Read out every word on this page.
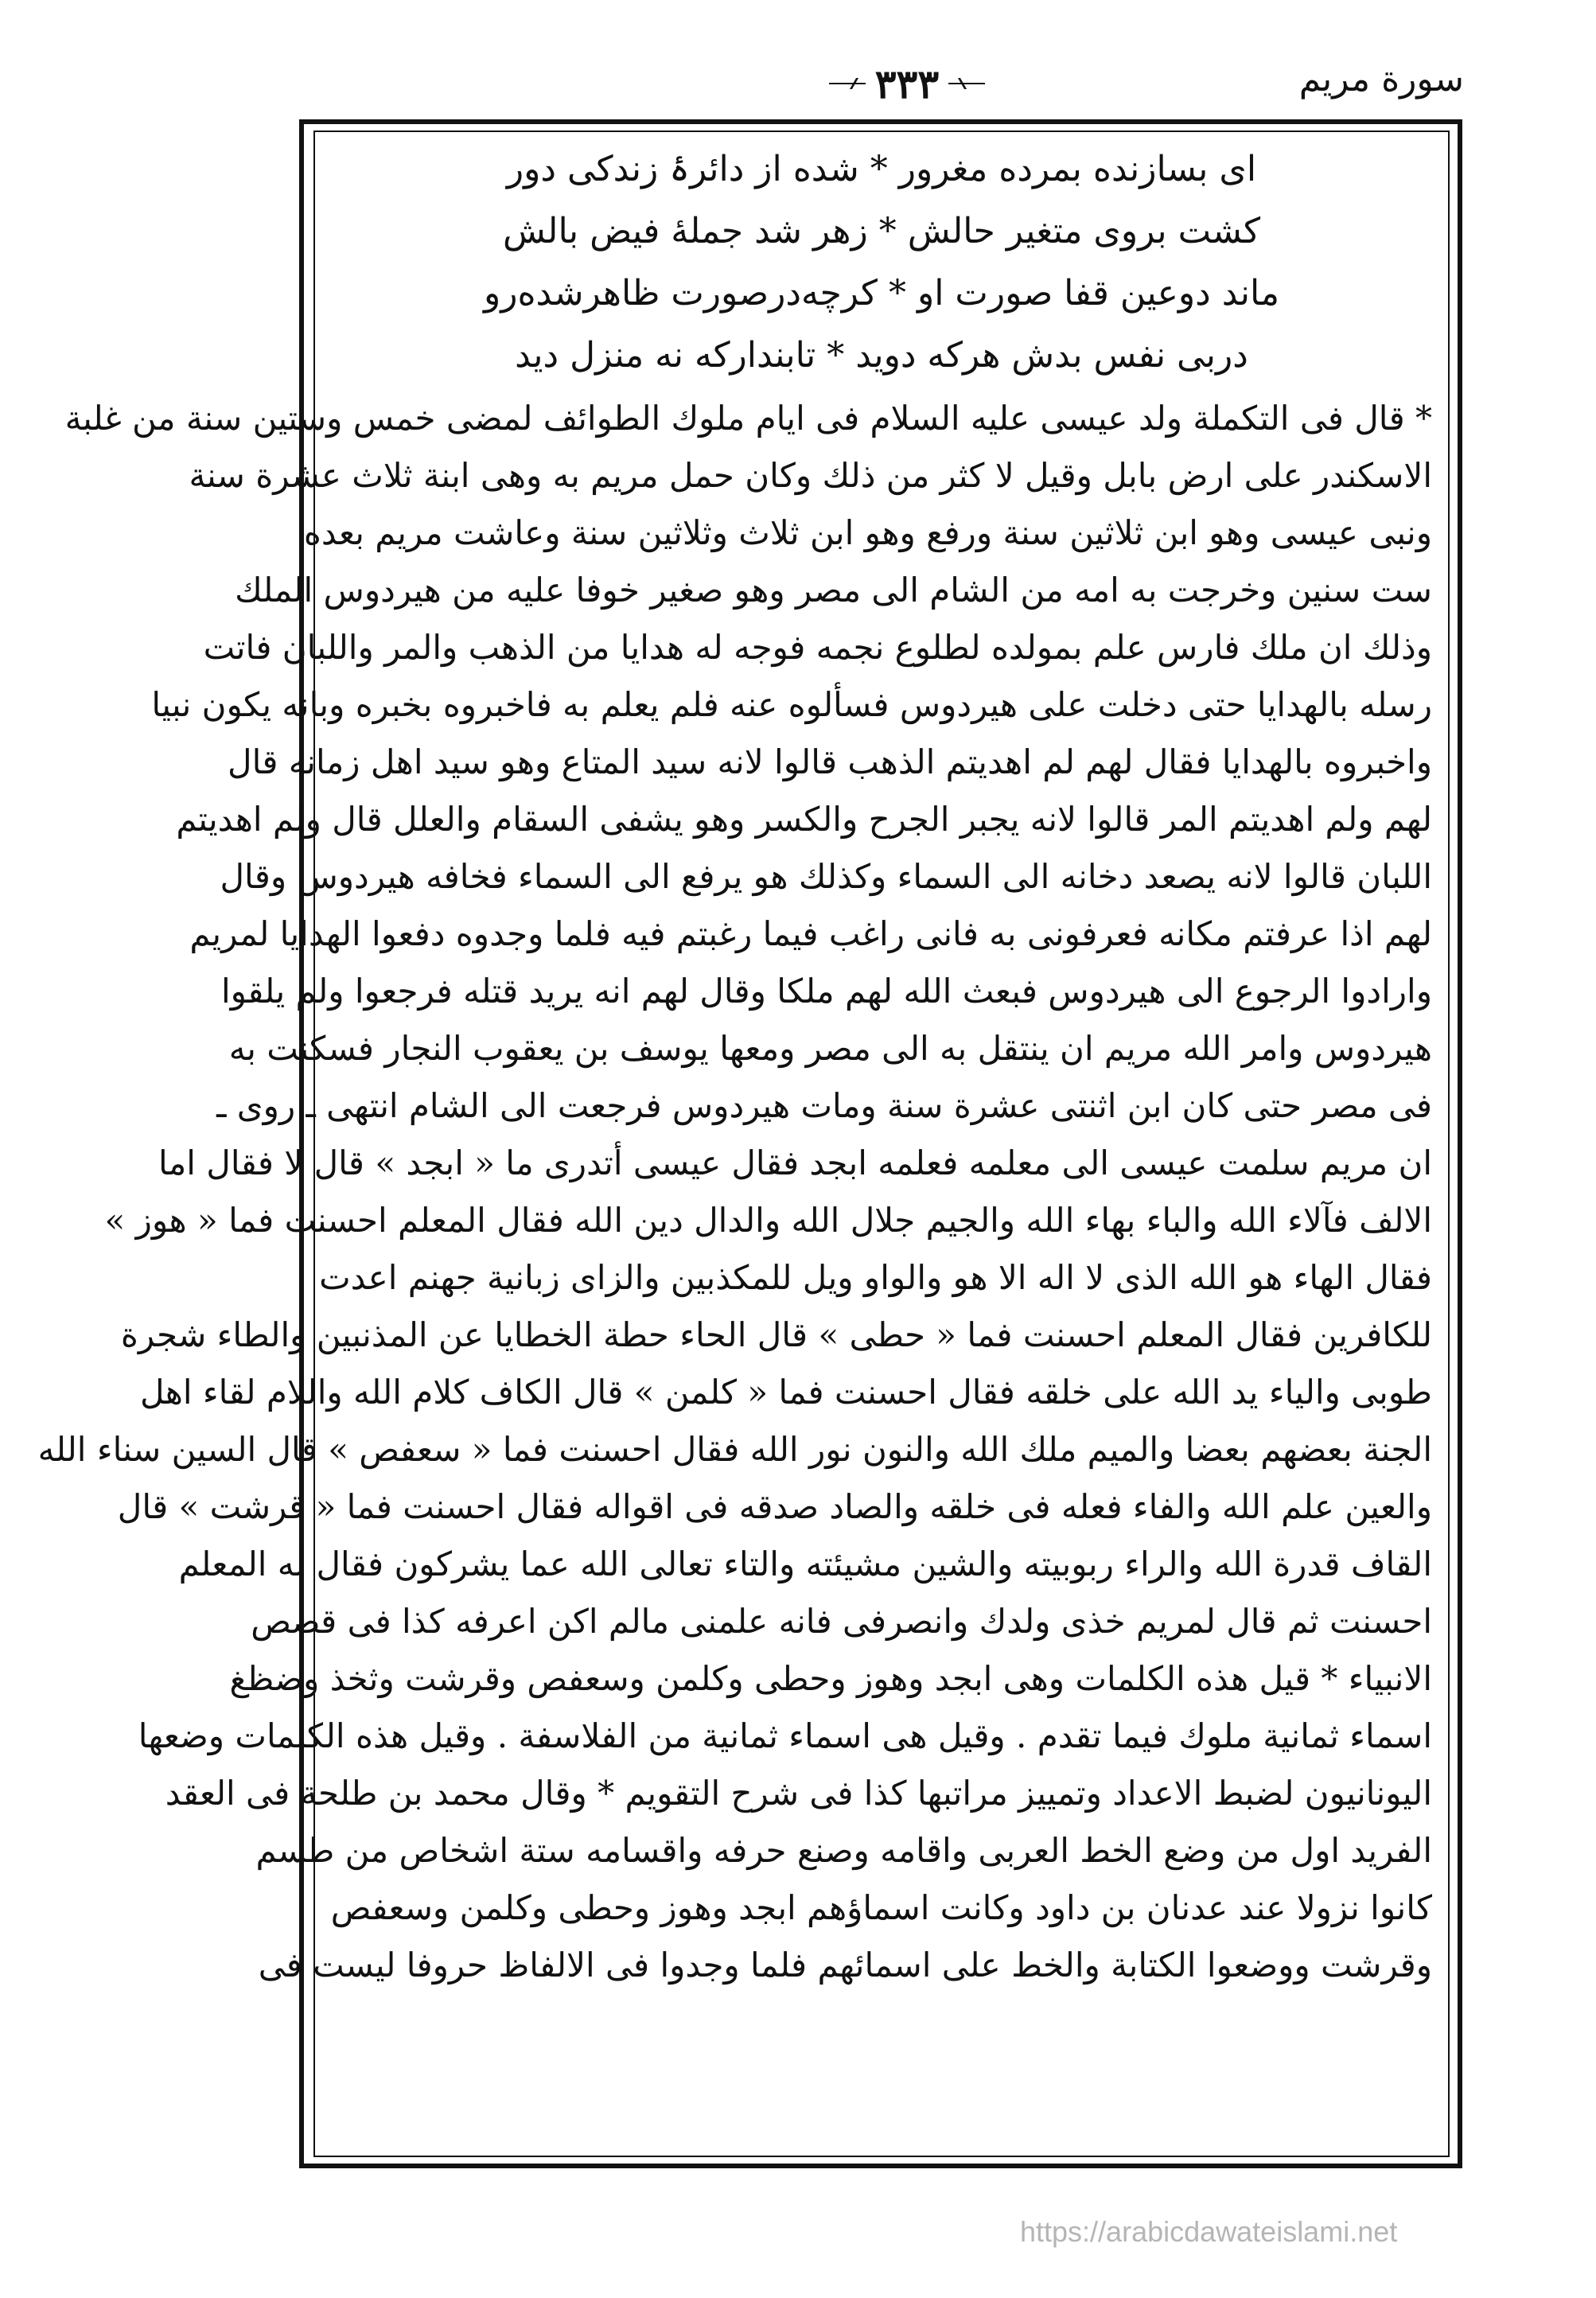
٣٣٣	سورة مريم
اى بسازنده بمرده مغرور * شده از دائرۂ زندکی دور
كشت بروى متغير حالش * زهر شد جملهٔ فيض بالش
ماند دوعين قفا صورت او * كرچه‌درصورت ظاهرشده‌رو
دربى نفس بدش هركه دويد * تابندارکه نه منزل ديد
* قال فى التكملة ولد عيسى عليه السلام فى ايام ملوك الطوائف لمضى خمس وستين سنة من غلبة
الاسكندر على ارض بابل وقيل لا كثر من ذلك وكان حمل مريم به وهى ابنة ثلاث عشرة سنة
ونبى عيسى وهو ابن ثلاثين سنة ورفع وهو ابن ثلاث وثلاثين سنة وعاشت مريم بعده
ست سنين وخرجت به امه من الشام الى مصر وهو صغير خوفا عليه من هيردوس الملك
وذلك ان ملك فارس علم بمولده لطلوع نجمه فوجه له هدايا من الذهب والمر واللبان فاتت
رسله بالهدايا حتى دخلت على هيردوس فسألوه عنه فلم يعلم به فاخبروه بخبره وبانه يكون نبيا
واخبروه بالهدايا فقال لهم لم اهديتم الذهب قالوا لانه سيد المتاع وهو سيد اهل زمانه قال
لهم ولم اهديتم المر قالوا لانه يجبر الجرح والكسر وهو يشفى السقام والعلل قال ولم اهديتم
اللبان قالوا لانه يصعد دخانه الى السماء وكذلك هو يرفع الى السماء فخافه هيردوس وقال
لهم اذا عرفتم مكانه فعرفونى به فانى راغب فيما رغبتم فيه فلما وجدوه دفعوا الهدايا لمريم
وارادوا الرجوع الى هيردوس فبعث الله لهم ملكا وقال لهم انه يريد قتله فرجعوا ولم يلقوا
هيردوس وامر الله مريم ان ينتقل به الى مصر ومعها يوسف بن يعقوب النجار فسكنت به
فى مصر حتى كان ابن اثنتى عشرة سنة ومات هيردوس فرجعت الى الشام انتهى ـ روى ـ
ان مريم سلمت عيسى الى معلمه فعلمه ابجد فقال عيسى أتدرى ما « ابجد » قال لا فقال اما
الالف فآلاء الله والباء بهاء الله والجيم جلال الله والدال دين الله فقال المعلم احسنت فما « هوز »
فقال الهاء هو الله الذى لا اله الا هو والواو ويل للمكذبين والزاى زبانية جهنم اعدت
للكافرين فقال المعلم احسنت فما « حطى » قال الحاء حطة الخطايا عن المذنبين والطاء شجرة
طوبى والياء يد الله على خلقه فقال احسنت فما « كلمن » قال الكاف كلام الله واللام لقاء اهل
الجنة بعضهم بعضا والميم ملك الله والنون نور الله فقال احسنت فما « سعفص » قال السين سناء الله
والعين علم الله والفاء فعله فى خلقه والصاد صدقه فى اقواله فقال احسنت فما « قرشت » قال
القاف قدرة الله والراء ربوبيته والشين مشيئته والتاء تعالى الله عما يشركون فقال له المعلم
احسنت ثم قال لمريم خذى ولدك وانصرفى فانه علمنى مالم اكن اعرفه كذا فى قصص
الانبياء * قيل هذه الكلمات وهى ابجد وهوز وحطى وكلمن وسعفص وقرشت وثخذ وضظغ
اسماء ثمانية ملوك فيما تقدم . وقيل هى اسماء ثمانية من الفلاسفة . وقيل هذه الكلمات وضعها
اليونانيون لضبط الاعداد وتمييز مراتبها كذا فى شرح التقويم * وقال محمد بن طلحة فى العقد
الفريد اول من وضع الخط العربى واقامه وصنع حرفه واقسامه ستة اشخاص من طسم
كانوا نزولا عند عدنان بن داود وكانت اسماؤهم ابجد وهوز وحطى وكلمن وسعفص
وقرشت ووضعوا الكتابة والخط على اسمائهم فلما وجدوا فى الالفاظ حروفا ليست فى
https://arabicdawateislami.net
